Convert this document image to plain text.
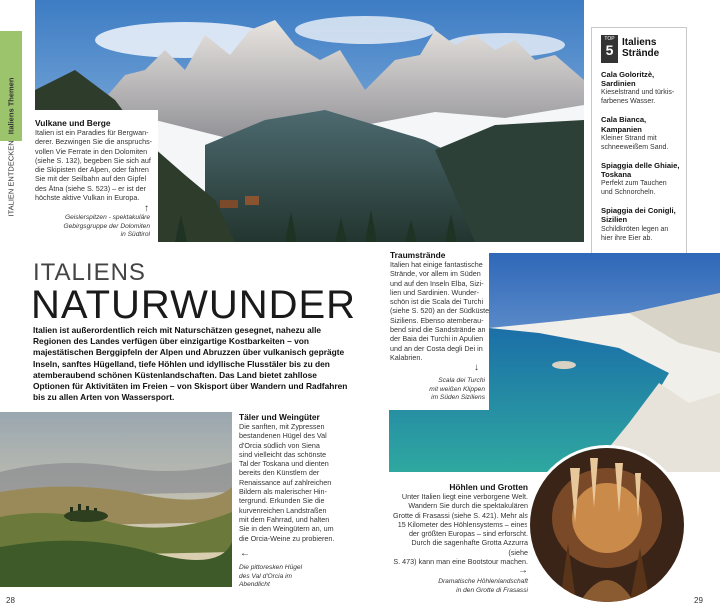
ITALIEN ENTDECKEN Italiens Themen Vulkane und Berge
Italien ist ein Paradies für Bergwan-
derer. Bezwingen Sie die anspruchs-
vollen Vie Ferrate in den Dolomiten
(siehe S. 132), begeben Sie sich auf
die Skipisten der Alpen, oder fahren
Sie mit der Seilbahn auf den Gipfel
des Ätna (siehe S. 523) – er ist der
höchste aktive Vulkan in Europa.
↑
Geislerspitzen - spektakuläre
Gebirgsgruppe der Dolomiten
in Südtirol
TOP
5 Italiens
Strände
Cala Goloritzè,
Sardinien
Kieselstrand und türkis-
farbenes Wasser.
Cala Bianca,
Kampanien
Kleiner Strand mit
schneeweißem Sand.
Spiaggia delle Ghiaie,
Toskana
Perfekt zum Tauchen
und Schnorcheln.
Spiaggia dei Conigli,
Sizilien
Schildkröten legen an
hier ihre Eier ab.
ITALIENS
NATURWUNDER
Italien ist außerordentlich reich mit Naturschätzen gesegnet, nahezu alle Regionen des Landes verfügen über einzigartige Kostbarkeiten – von majestätischen Berggipfeln der Alpen und Abruzzen über vulkanisch geprägte Inseln, sanftes Hügelland, tiefe Höhlen und idyllische Flusstäler bis zu den atemberaubend schönen Küstenlandschaften. Das Land bietet zahllose Optionen für Aktivitäten im Freien – von Skisport über Wandern und Radfahren bis zu allen Arten von Wassersport.
Traumstrände
Italien hat einige fantastische
Strände, vor allem im Süden
und auf den Inseln Elba, Sizi-
lien und Sardinien. Wunder-
schön ist die Scala dei Turchi
(siehe S. 520) an der Südküste
Siziliens. Ebenso atemberau-
bend sind die Sandstrände an
der Baia dei Turchi in Apulien
und an der Costa degli Dei in
Kalabrien.
↓
Scala dei Turchi
mit weißen Klippen
im Süden Siziliens
Täler und Weingüter
Die sanften, mit Zypressen
bestandenen Hügel des Val
d'Orcia südlich von Siena
sind vielleicht das schönste
Tal der Toskana und dienten
bereits den Künstlern der
Renaissance auf zahlreichen
Bildern als malerischer Hin-
tergrund. Erkunden Sie die
kurvenreichen Landstraßen
mit dem Fahrrad, und halten
Sie in den Weingütern an, um
die Orcia-Weine zu probieren.
←
Die pittoresken Hügel
des Val d'Orcia im
Abendlicht
Höhlen und Grotten
Unter Italien liegt eine verborgene Welt.
Wandern Sie durch die spektakulären
Grotte di Frasassi (siehe S. 421). Mehr als
15 Kilometer des Höhlensystems – eines
der größten Europas – sind erforscht.
Durch die sagenhafte Grotta Azzurra (siehe
S. 473) kann man eine Bootstour machen.
→
Dramatische Höhlenlandschaft
in den Grotte di Frasassi
28	29
